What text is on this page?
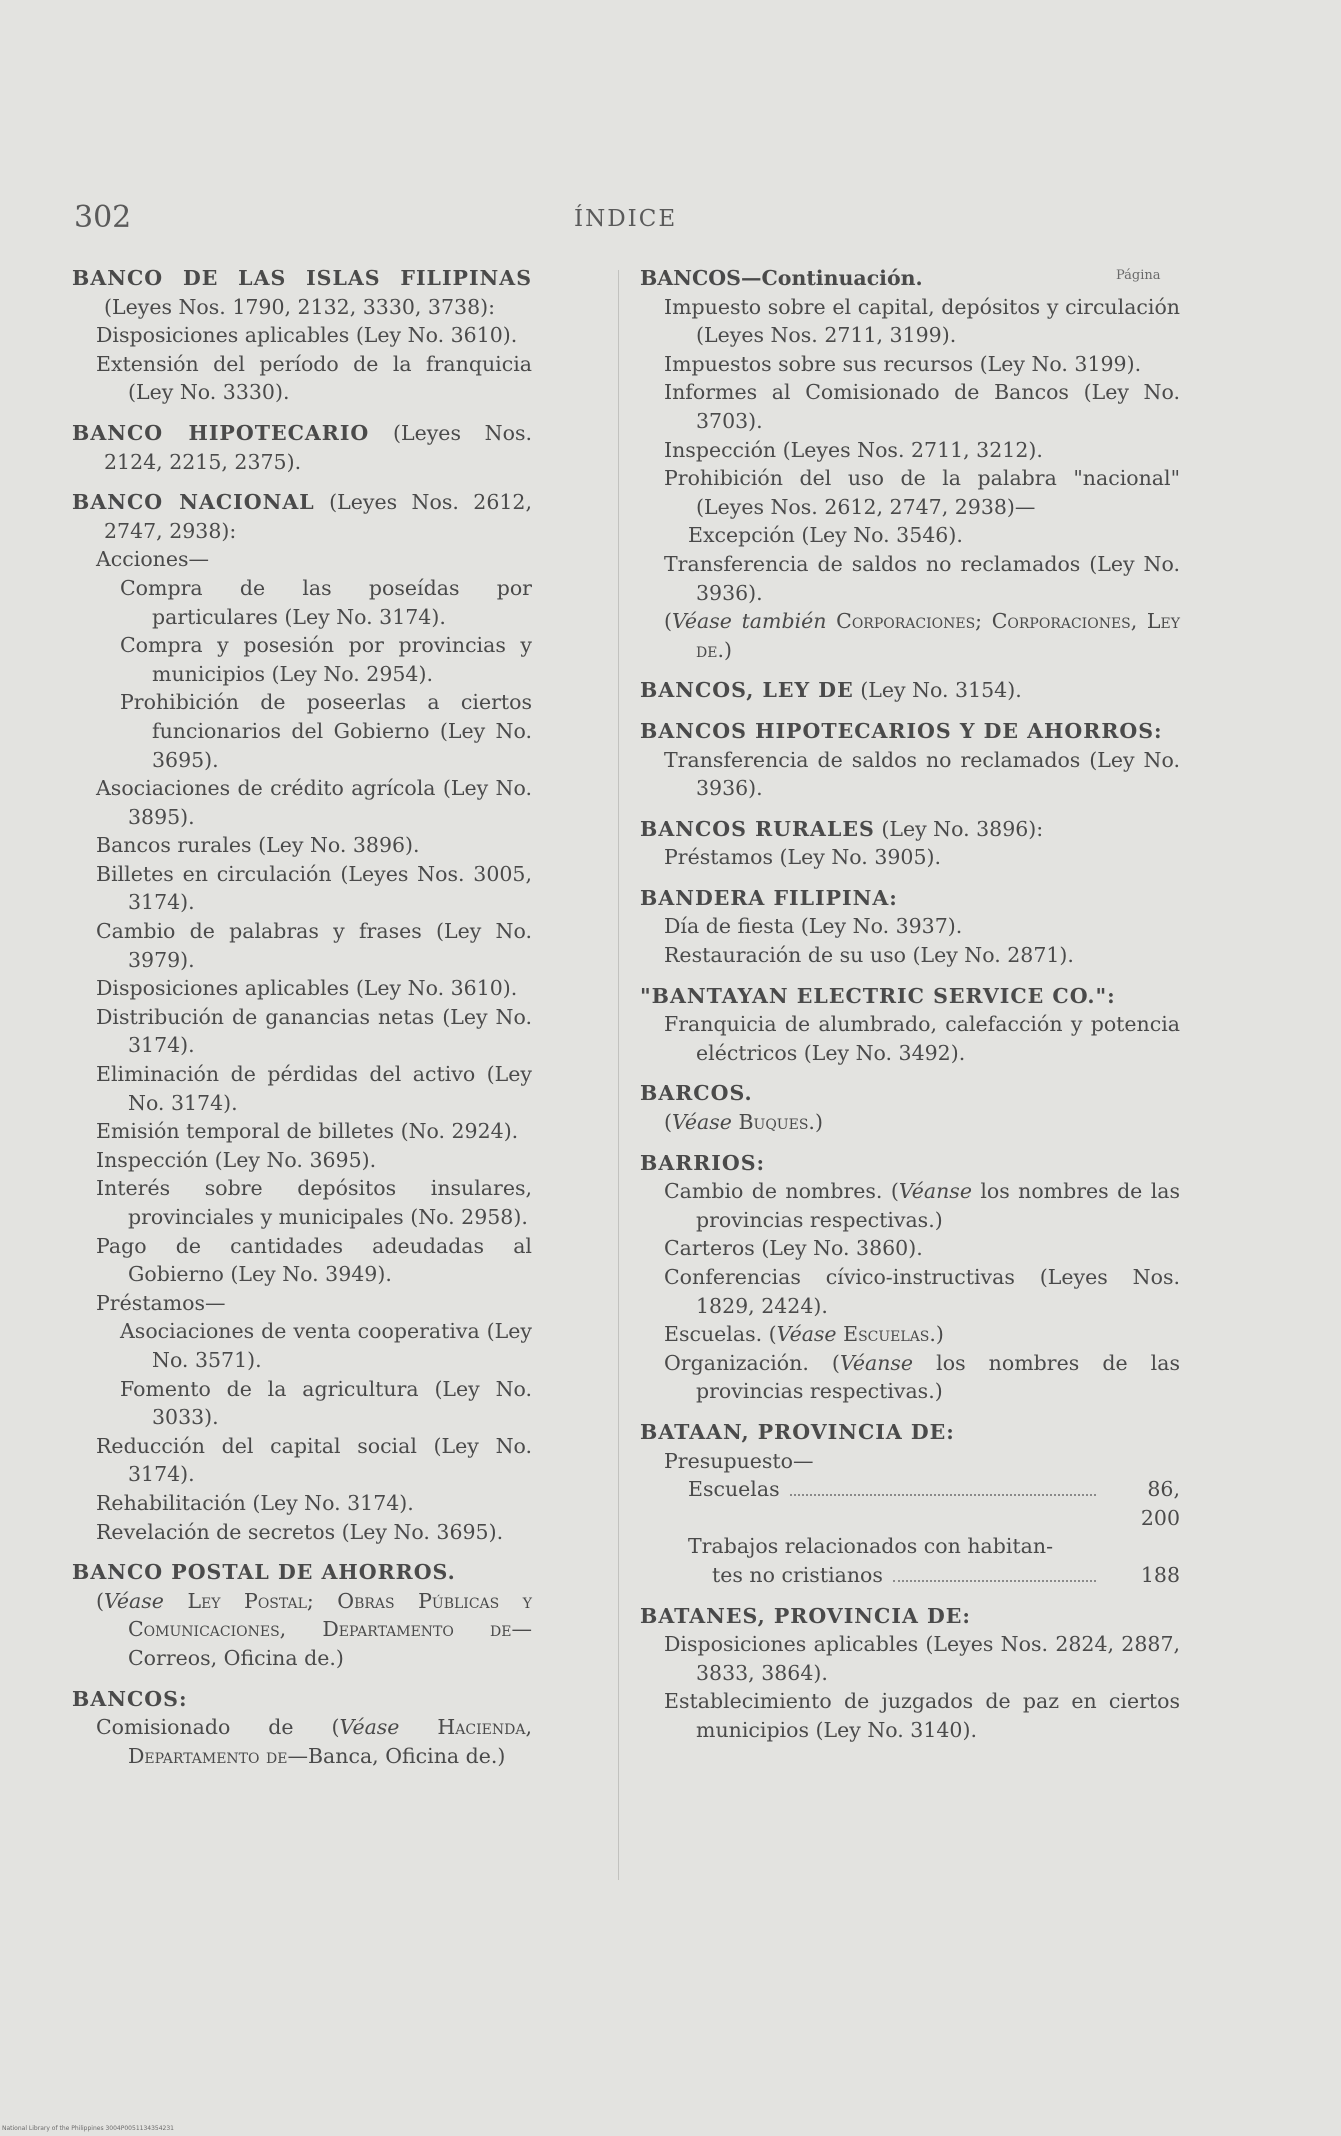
302	ÍNDICE
Página

BANCO DE LAS ISLAS FILIPINAS (Leyes Nos. 1790, 2132, 3330, 3738):

Disposiciones aplicables (Ley No. 3610).

Extensión del período de la franquicia (Ley No. 3330).

BANCO HIPOTECARIO (Leyes Nos. 2124, 2215, 2375).

BANCO NACIONAL (Leyes Nos. 2612, 2747, 2938):

Acciones—

Compra de las poseídas por particulares (Ley No. 3174).

Compra y posesión por provincias y municipios (Ley No. 2954).

Prohibición de poseerlas a ciertos funcionarios del Gobierno (Ley No. 3695).

Asociaciones de crédito agrícola (Ley No. 3895).

Bancos rurales (Ley No. 3896).

Billetes en circulación (Leyes Nos. 3005, 3174).

Cambio de palabras y frases (Ley No. 3979).

Disposiciones aplicables (Ley No. 3610).

Distribución de ganancias netas (Ley No. 3174).

Eliminación de pérdidas del activo (Ley No. 3174).

Emisión temporal de billetes (No. 2924).

Inspección (Ley No. 3695).

Interés sobre depósitos insulares, provinciales y municipales (No. 2958).

Pago de cantidades adeudadas al Gobierno (Ley No. 3949).

Préstamos—

Asociaciones de venta cooperativa (Ley No. 3571).

Fomento de la agricultura (Ley No. 3033).

Reducción del capital social (Ley No. 3174).

Rehabilitación (Ley No. 3174).

Revelación de secretos (Ley No. 3695).

BANCO POSTAL DE AHORROS.

(Véase Ley Postal; Obras Públicas y Comunicaciones, Departamento de—Correos, Oficina de.)

BANCOS:

Comisionado de (Véase Hacienda, Departamento de—Banca, Oficina de.)

BANCOS—Continuación.

Impuesto sobre el capital, depósitos y circulación (Leyes Nos. 2711, 3199).

Impuestos sobre sus recursos (Ley No. 3199).

Informes al Comisionado de Bancos (Ley No. 3703).

Inspección (Leyes Nos. 2711, 3212).

Prohibición del uso de la palabra "nacional" (Leyes Nos. 2612, 2747, 2938)—

Excepción (Ley No. 3546).

Transferencia de saldos no reclamados (Ley No. 3936).

(Véase también Corporaciones; Corporaciones, Ley de.)

BANCOS, LEY DE (Ley No. 3154).

BANCOS HIPOTECARIOS Y DE AHORROS:

Transferencia de saldos no reclamados (Ley No. 3936).

BANCOS RURALES (Ley No. 3896):

Préstamos (Ley No. 3905).

BANDERA FILIPINA:

Día de fiesta (Ley No. 3937).

Restauración de su uso (Ley No. 2871).

"BANTAYAN ELECTRIC SERVICE CO.":

Franquicia de alumbrado, calefacción y potencia eléctricos (Ley No. 3492).

BARCOS.

(Véase Buques.)

BARRIOS:

Cambio de nombres. (Véanse los nombres de las provincias respectivas.)

Carteros (Ley No. 3860).

Conferencias cívico-instructivas (Leyes Nos. 1829, 2424).

Escuelas. (Véase Escuelas.)

Organización. (Véanse los nombres de las provincias respectivas.)

BATAAN, PROVINCIA DE:

Presupuesto—

Escuelas	86, 200

Trabajos relacionados con habitan-

tes no cristianos	188

BATANES, PROVINCIA DE:

Disposiciones aplicables (Leyes Nos. 2824, 2887, 3833, 3864).

Establecimiento de juzgados de paz en ciertos municipios (Ley No. 3140).

National Library of the Philippines 3004P0051134354231
